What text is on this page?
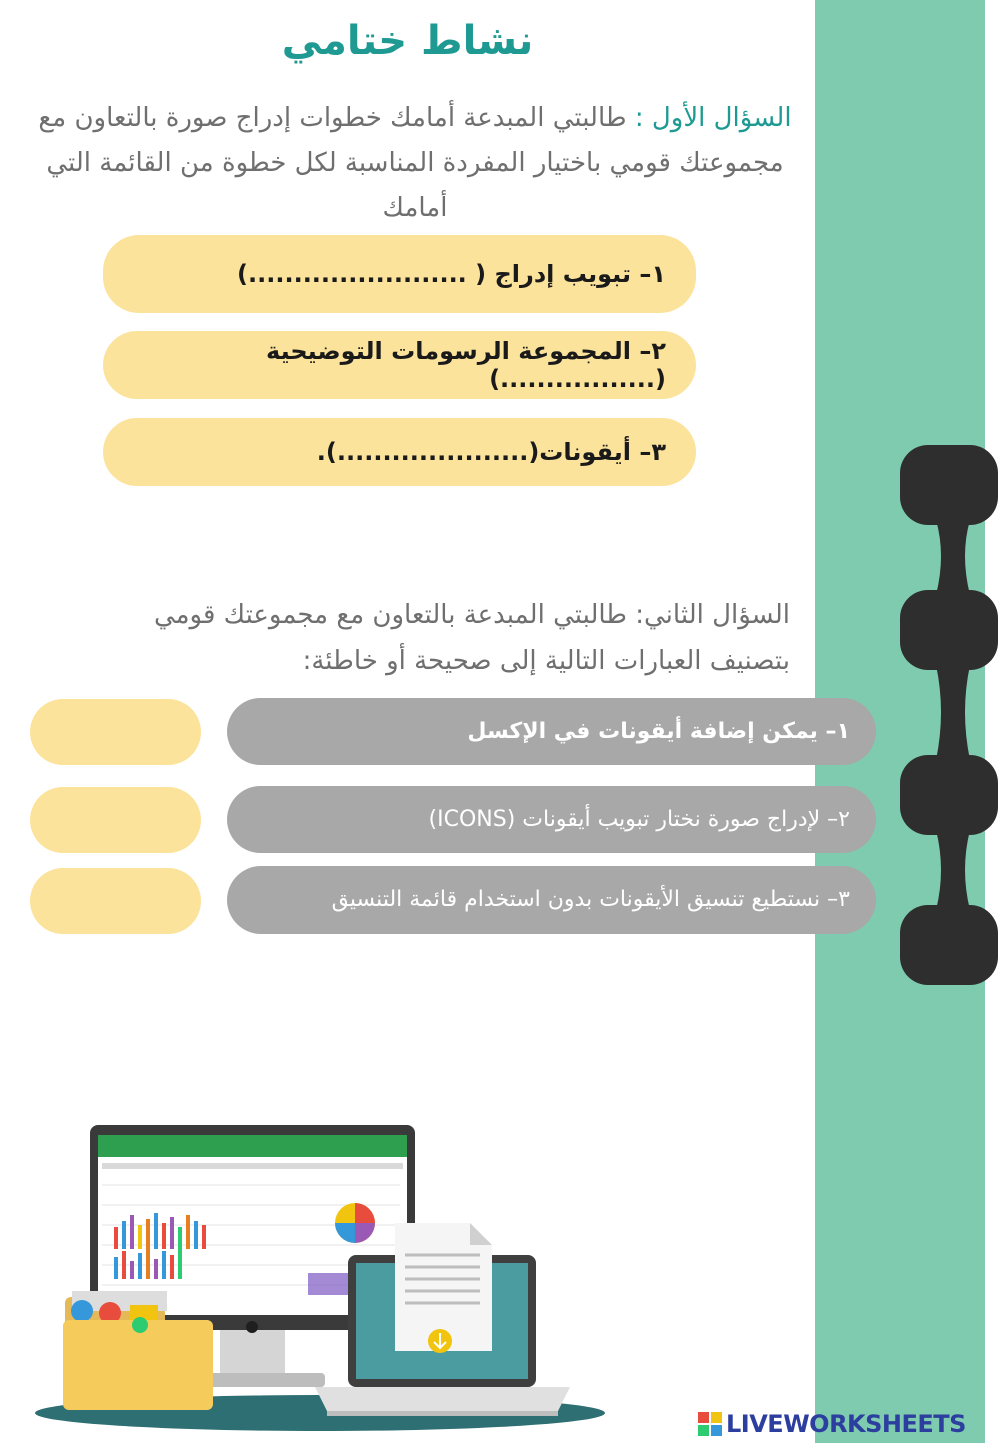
نشاط ختامي

السؤال الأول : طالبتي المبدعة أمامك خطوات إدراج صورة بالتعاون مع مجموعتك قومي باختيار المفردة المناسبة لكل خطوة من القائمة التي أمامك

١– تبويب إدراج ( ........................)
٢– المجموعة الرسومات التوضيحية (.................)
٣– أيقونات(.....................).

السؤال الثاني: طالبتي المبدعة بالتعاون مع مجموعتك قومي بتصنيف العبارات التالية إلى صحيحة أو خاطئة:

١– يمكن إضافة أيقونات في الإكسل
٢– لإدراج صورة نختار تبويب أيقونات (ICONS)
٣– نستطيع تنسيق الأيقونات بدون استخدام قائمة التنسيق
LIVEWORKSHEETS
